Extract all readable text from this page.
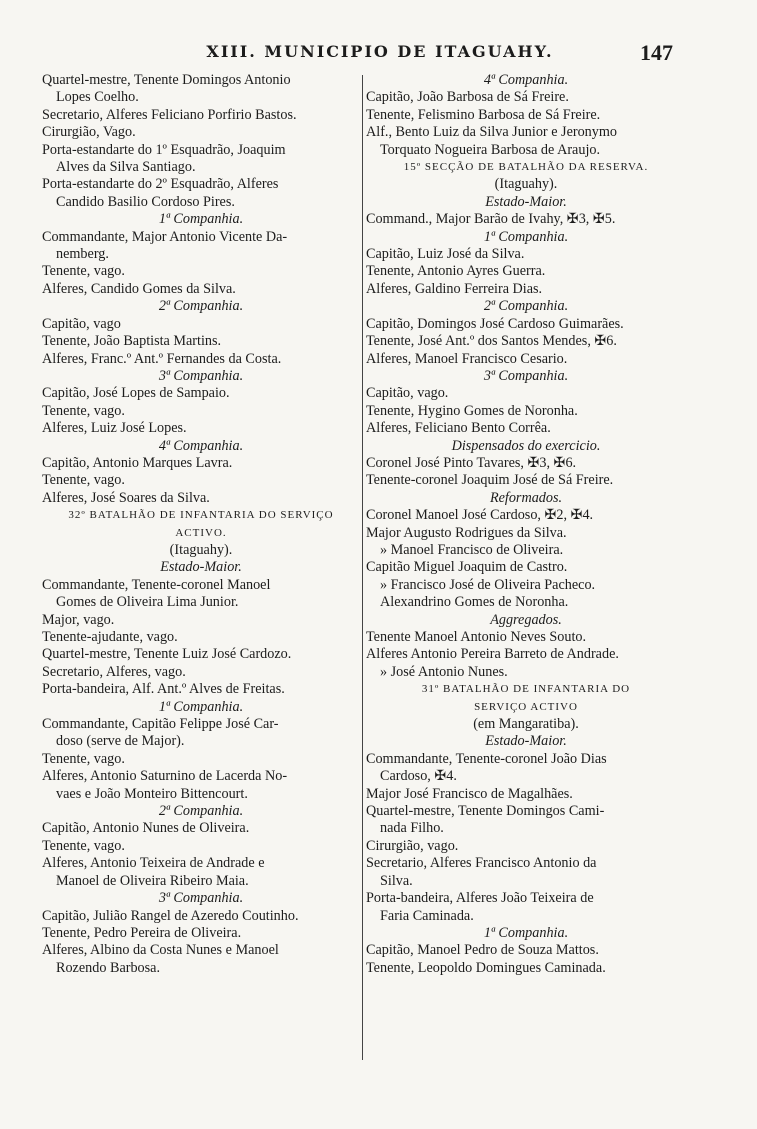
XIII. MUNICIPIO DE ITAGUAHY.	147
Quartel-mestre, Tenente Domingos Antonio
Lopes Coelho.
Secretario, Alferes Feliciano Porfirio Bastos.
Cirurgião, Vago.
Porta-estandarte do 1º Esquadrão, Joaquim
Alves da Silva Santiago.
Porta-estandarte do 2º Esquadrão, Alferes
Candido Basilio Cordoso Pires.
1ª Companhia.
Commandante, Major Antonio Vicente Da-
nemberg.
Tenente, vago.
Alferes, Candido Gomes da Silva.
2ª Companhia.
Capitão, vago
Tenente, João Baptista Martins.
Alferes, Franc.º Ant.º Fernandes da Costa.
3ª Companhia.
Capitão, José Lopes de Sampaio.
Tenente, vago.
Alferes, Luiz José Lopes.
4ª Companhia.
Capitão, Antonio Marques Lavra.
Tenente, vago.
Alferes, José Soares da Silva.
32º BATALHÃO DE INFANTARIA DO SERVIÇO
ACTIVO.
(Itaguahy).
Estado-Maior.
Commandante, Tenente-coronel Manoel
Gomes de Oliveira Lima Junior.
Major, vago.
Tenente-ajudante, vago.
Quartel-mestre, Tenente Luiz José Cardozo.
Secretario, Alferes, vago.
Porta-bandeira, Alf. Ant.º Alves de Freitas.
1ª Companhia.
Commandante, Capitão Felippe José Car-
doso (serve de Major).
Tenente, vago.
Alferes, Antonio Saturnino de Lacerda No-
vaes e João Monteiro Bittencourt.
2ª Companhia.
Capitão, Antonio Nunes de Oliveira.
Tenente, vago.
Alferes, Antonio Teixeira de Andrade e
Manoel de Oliveira Ribeiro Maia.
3ª Companhia.
Capitão, Julião Rangel de Azeredo Coutinho.
Tenente, Pedro Pereira de Oliveira.
Alferes, Albino da Costa Nunes e Manoel
Rozendo Barbosa.
4ª Companhia.
Capitão, João Barbosa de Sá Freire.
Tenente, Felismino Barbosa de Sá Freire.
Alf., Bento Luiz da Silva Junior e Jeronymo
Torquato Nogueira Barbosa de Araujo.
15º SECÇÃO DE BATALHÃO DA RESERVA.
(Itaguahy).
Estado-Maior.
Command., Major Barão de Ivahy, ✠3, ✠5.
1ª Companhia.
Capitão, Luiz José da Silva.
Tenente, Antonio Ayres Guerra.
Alferes, Galdino Ferreira Dias.
2ª Companhia.
Capitão, Domingos José Cardoso Guimarães.
Tenente, José Ant.º dos Santos Mendes, ✠6.
Alferes, Manoel Francisco Cesario.
3ª Companhia.
Capitão, vago.
Tenente, Hygino Gomes de Noronha.
Alferes, Feliciano Bento Corrêa.
Dispensados do exercicio.
Coronel José Pinto Tavares, ✠3, ✠6.
Tenente-coronel Joaquim José de Sá Freire.
Reformados.
Coronel Manoel José Cardoso, ✠2, ✠4.
Major Augusto Rodrigues da Silva.
» Manoel Francisco de Oliveira.
Capitão Miguel Joaquim de Castro.
» Francisco José de Oliveira Pacheco.
Alexandrino Gomes de Noronha.
Aggregados.
Tenente Manoel Antonio Neves Souto.
Alferes Antonio Pereira Barreto de Andrade.
» José Antonio Nunes.
31º BATALHÃO DE INFANTARIA DO
SERVIÇO ACTIVO
(em Mangaratiba).
Estado-Maior.
Commandante, Tenente-coronel João Dias
Cardoso, ✠4.
Major José Francisco de Magalhães.
Quartel-mestre, Tenente Domingos Cami-
nada Filho.
Cirurgião, vago.
Secretario, Alferes Francisco Antonio da
Silva.
Porta-bandeira, Alferes João Teixeira de
Faria Caminada.
1ª Companhia.
Capitão, Manoel Pedro de Souza Mattos.
Tenente, Leopoldo Domingues Caminada.
